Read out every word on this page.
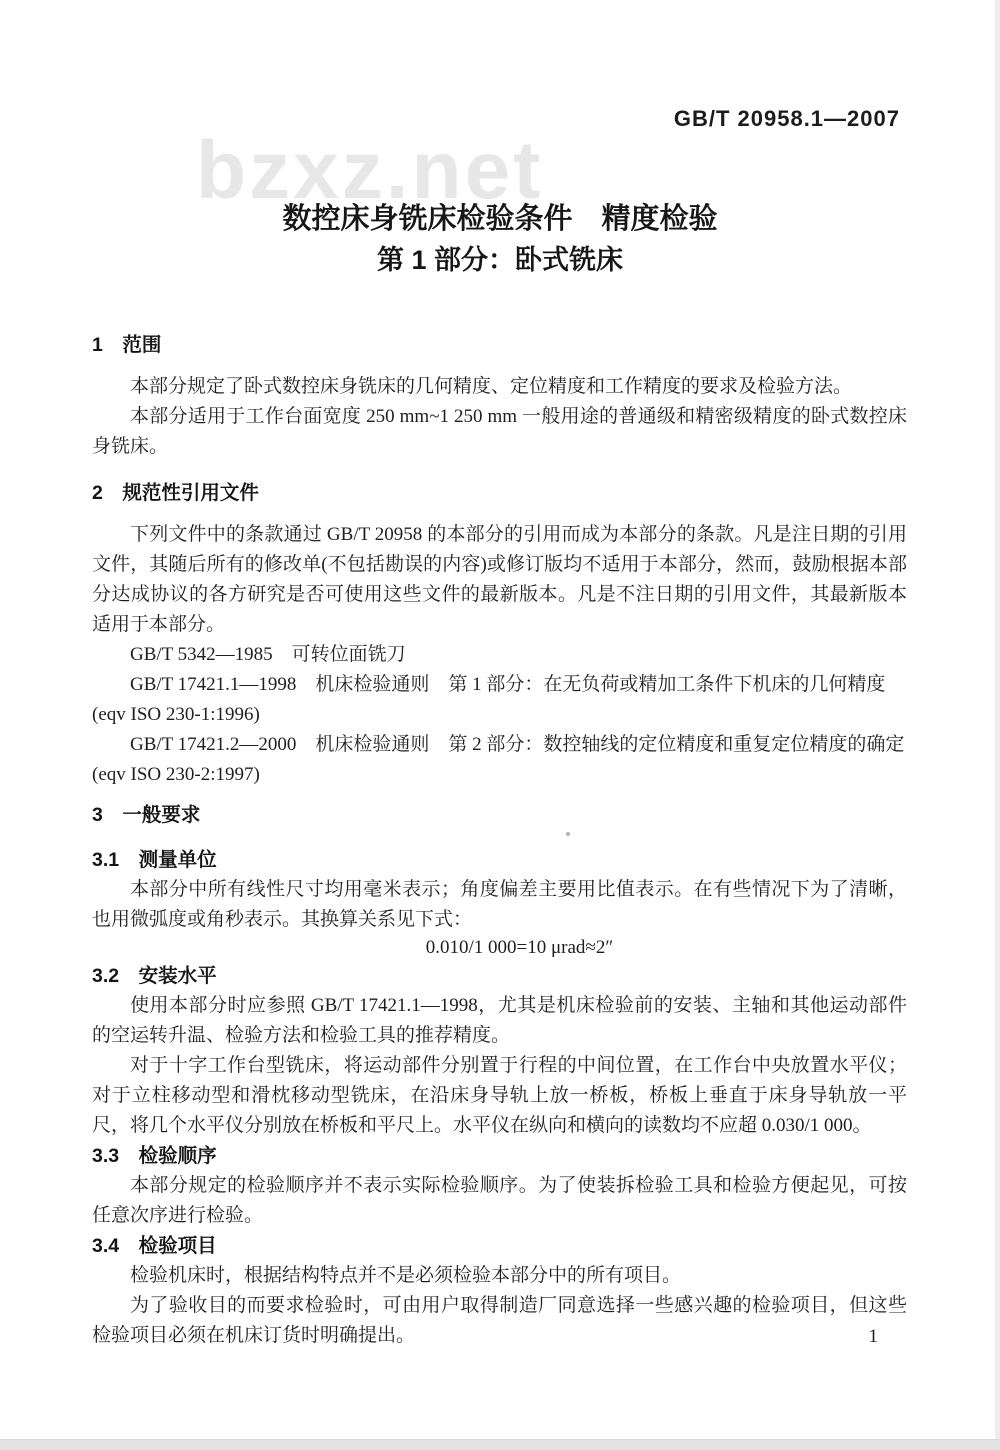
GB/T 20958.1—2007
bzxz.net
数控床身铣床检验条件　精度检验
第 1 部分：卧式铣床
1　范围

本部分规定了卧式数控床身铣床的几何精度、定位精度和工作精度的要求及检验方法。

本部分适用于工作台面宽度 250 mm~1 250 mm 一般用途的普通级和精密级精度的卧式数控床身铣床。

2　规范性引用文件

下列文件中的条款通过 GB/T 20958 的本部分的引用而成为本部分的条款。凡是注日期的引用文件，其随后所有的修改单(不包括勘误的内容)或修订版均不适用于本部分，然而，鼓励根据本部分达成协议的各方研究是否可使用这些文件的最新版本。凡是不注日期的引用文件，其最新版本适用于本部分。

GB/T 5342—1985　可转位面铣刀

GB/T 17421.1—1998　机床检验通则　第 1 部分：在无负荷或精加工条件下机床的几何精度

(eqv ISO 230-1:1996)

GB/T 17421.2—2000　机床检验通则　第 2 部分：数控轴线的定位精度和重复定位精度的确定

(eqv ISO 230-2:1997)

3　一般要求
3.1　测量单位

本部分中所有线性尺寸均用毫米表示；角度偏差主要用比值表示。在有些情况下为了清晰，也用微弧度或角秒表示。其换算关系见下式：

0.010/1 000=10 μrad≈2″

3.2　安装水平

使用本部分时应参照 GB/T 17421.1—1998，尤其是机床检验前的安装、主轴和其他运动部件的空运转升温、检验方法和检验工具的推荐精度。

对于十字工作台型铣床，将运动部件分别置于行程的中间位置，在工作台中央放置水平仪；对于立柱移动型和滑枕移动型铣床，在沿床身导轨上放一桥板，桥板上垂直于床身导轨放一平尺，将几个水平仪分别放在桥板和平尺上。水平仪在纵向和横向的读数均不应超 0.030/1 000。

3.3　检验顺序

本部分规定的检验顺序并不表示实际检验顺序。为了使装拆检验工具和检验方便起见，可按任意次序进行检验。

3.4　检验项目

检验机床时，根据结构特点并不是必须检验本部分中的所有项目。

为了验收目的而要求检验时，可由用户取得制造厂同意选择一些感兴趣的检验项目，但这些检验项目必须在机床订货时明确提出。	1
